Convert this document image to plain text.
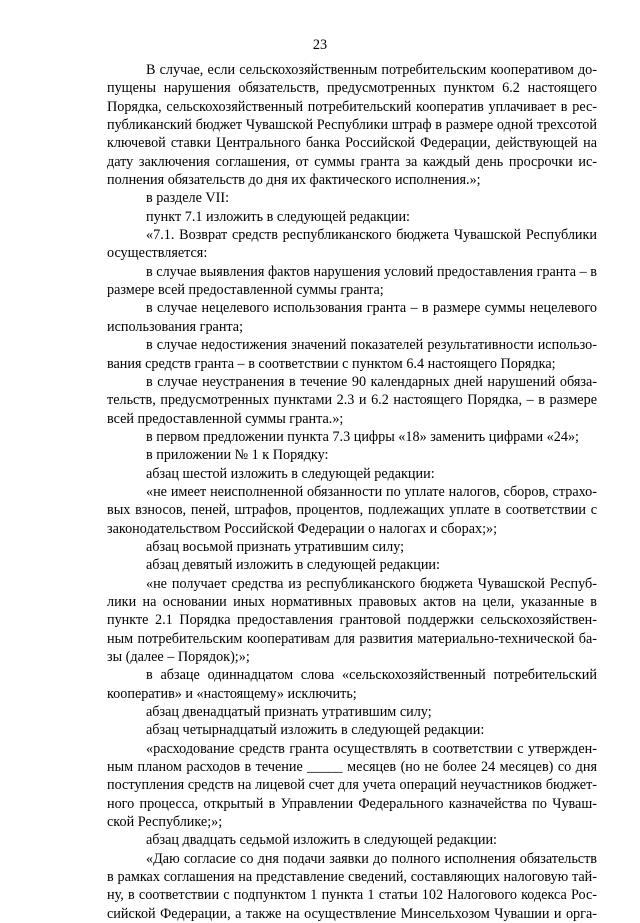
23
В случае, если сельскохозяйственным потребительским кооперативом до-
пущены нарушения обязательств, предусмотренных пунктом 6.2 настоящего
Порядка, сельскохозяйственный потребительский кооператив уплачивает в рес-
публиканский бюджет Чувашской Республики штраф в размере одной трехсотой
ключевой ставки Центрального банка Российской Федерации, действующей на
дату заключения соглашения, от суммы гранта за каждый день просрочки ис-
полнения обязательств до дня их фактического исполнения.»;
в разделе VII:
пункт 7.1 изложить в следующей редакции:
«7.1. Возврат средств республиканского бюджета Чувашской Республики
осуществляется:
в случае выявления фактов нарушения условий предоставления гранта – в
размере всей предоставленной суммы гранта;
в случае нецелевого использования гранта – в размере суммы нецелевого
использования гранта;
в случае недостижения значений показателей результативности использо-
вания средств гранта – в соответствии с пунктом 6.4 настоящего Порядка;
в случае неустранения в течение 90 календарных дней нарушений обяза-
тельств, предусмотренных пунктами 2.3 и 6.2 настоящего Порядка, – в размере
всей предоставленной суммы гранта.»;
в первом предложении пункта 7.3 цифры «18» заменить цифрами «24»;
в приложении № 1 к Порядку:
абзац шестой изложить в следующей редакции:
«не имеет неисполненной обязанности по уплате налогов, сборов, страхо-
вых взносов, пеней, штрафов, процентов, подлежащих уплате в соответствии с
законодательством Российской Федерации о налогах и сборах;»;
абзац восьмой признать утратившим силу;
абзац девятый изложить в следующей редакции:
«не получает средства из республиканского бюджета Чувашской Респуб-
лики на основании иных нормативных правовых актов на цели, указанные в
пункте 2.1 Порядка предоставления грантовой поддержки сельскохозяйствен-
ным потребительским кооперативам для развития материально-технической ба-
зы (далее – Порядок);»;
в абзаце одиннадцатом слова «сельскохозяйственный потребительский
кооператив» и «настоящему» исключить;
абзац двенадцатый признать утратившим силу;
абзац четырнадцатый изложить в следующей редакции:
«расходование средств гранта осуществлять в соответствии с утвержден-
ным планом расходов в течение _____ месяцев (но не более 24 месяцев) со дня
поступления средств на лицевой счет для учета операций неучастников бюджет-
ного процесса, открытый в Управлении Федерального казначейства по Чуваш-
ской Республике;»;
абзац двадцать седьмой изложить в следующей редакции:
«Даю согласие со дня подачи заявки до полного исполнения обязательств
в рамках соглашения на представление сведений, составляющих налоговую тай-
ну, в соответствии с подпунктом 1 пункта 1 статьи 102 Налогового кодекса Рос-
сийской Федерации, а также на осуществление Минсельхозом Чувашии и орга-
